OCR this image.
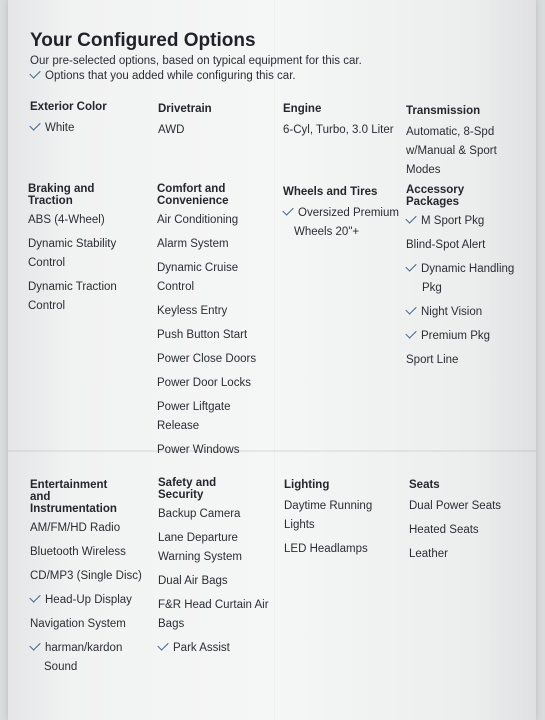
Your Configured Options
Our pre-selected options, based on typical equipment for this car.
Options that you added while configuring this car.
Exterior Color
White
Drivetrain
AWD
Engine
6-Cyl, Turbo, 3.0 Liter
Transmission
Automatic, 8-Spd
w/Manual & Sport
Modes
Braking and
Traction
ABS (4-Wheel)
Dynamic Stability
Control
Dynamic Traction
Control
Comfort and
Convenience
Air Conditioning
Alarm System
Dynamic Cruise
Control
Keyless Entry
Push Button Start
Power Close Doors
Power Door Locks
Power Liftgate
Release
Power Windows
Wheels and Tires
Oversized Premium
Wheels 20"+
Accessory
Packages
M Sport Pkg
Blind-Spot Alert
Dynamic Handling
Pkg
Night Vision
Premium Pkg
Sport Line
Entertainment
and
Instrumentation
AM/FM/HD Radio
Bluetooth Wireless
CD/MP3 (Single Disc)
Head-Up Display
Navigation System
harman/kardon
Sound
Safety and
Security
Backup Camera
Lane Departure
Warning System
Dual Air Bags
F&R Head Curtain Air
Bags
Park Assist
Lighting
Daytime Running
Lights
LED Headlamps
Seats
Dual Power Seats
Heated Seats
Leather
